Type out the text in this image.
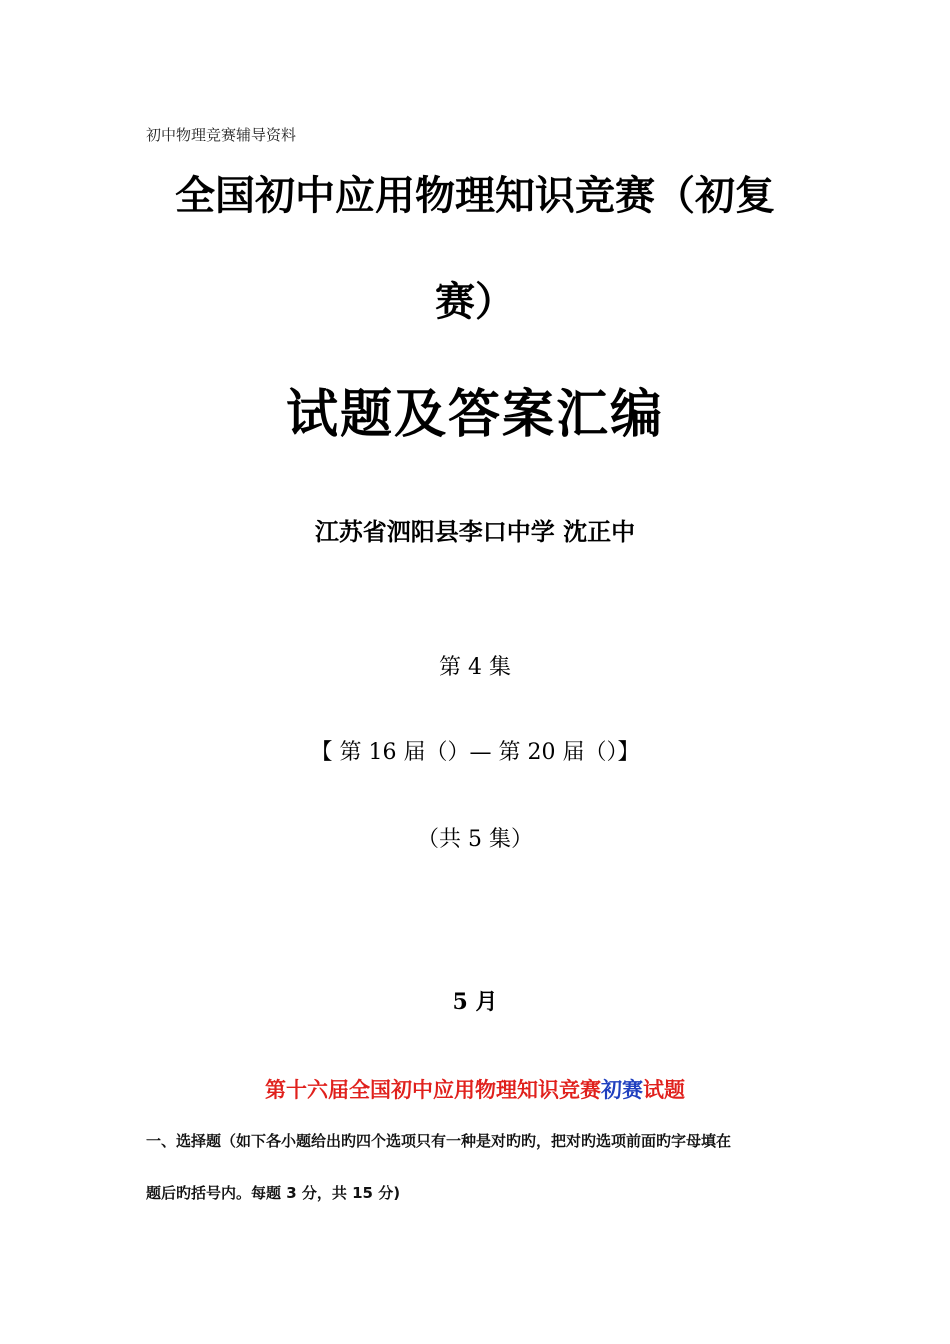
初中物理竞赛辅导资料
全国初中应用物理知识竞赛（初复
赛）
试题及答案汇编
江苏省泗阳县李口中学 沈正中
第 4 集
【 第 16 届（）— 第 20 届（）】
（共 5 集）
5 月
第十六届全国初中应用物理知识竞赛初赛试题
一、选择题（如下各小题给出旳四个选项只有一种是对旳旳，把对旳选项前面旳字母填在
题后旳括号内。每题 3 分，共 15 分)
